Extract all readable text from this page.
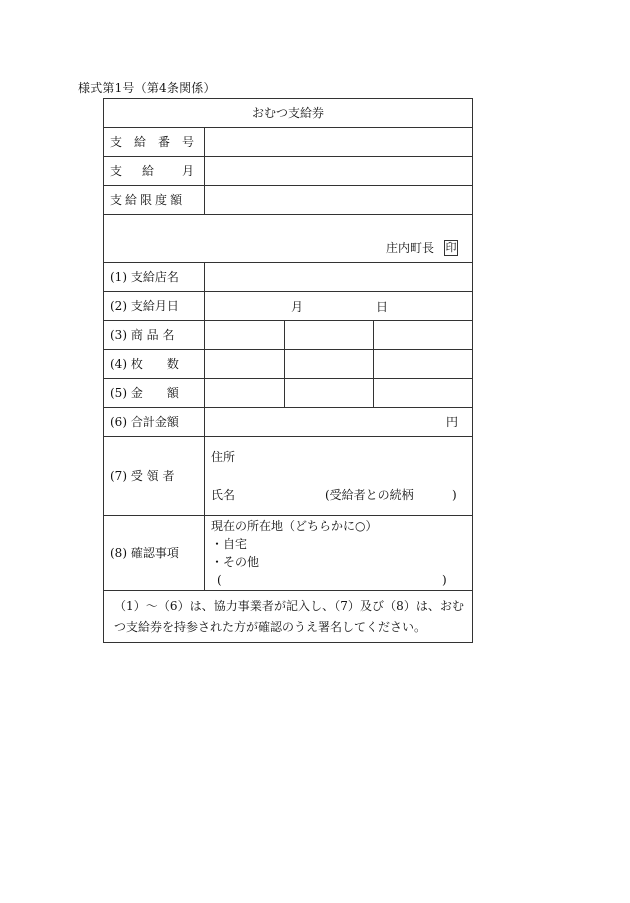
様式第1号（第4条関係）
おむつ支給券			
支 給 番 号			
支 給 月			
支 給 限 度 額			
庄内町長 印			

(1) 支給店名			
(2) 支給月日	月 日		

(3) 商 品 名			
(4) 枚　　数			
(5) 金　　額			
(6) 合計金額	円		
(7) 受 領 者	住所
氏名 (受給者との続柄 )		

(8) 確認事項	現在の所在地（どちらかに○）
・自宅
・その他
( )		

（1）～（6）は、協力事業者が記入し、（7）及び（8）は、おむつ支給券を持参された方が確認のうえ署名してください。			
